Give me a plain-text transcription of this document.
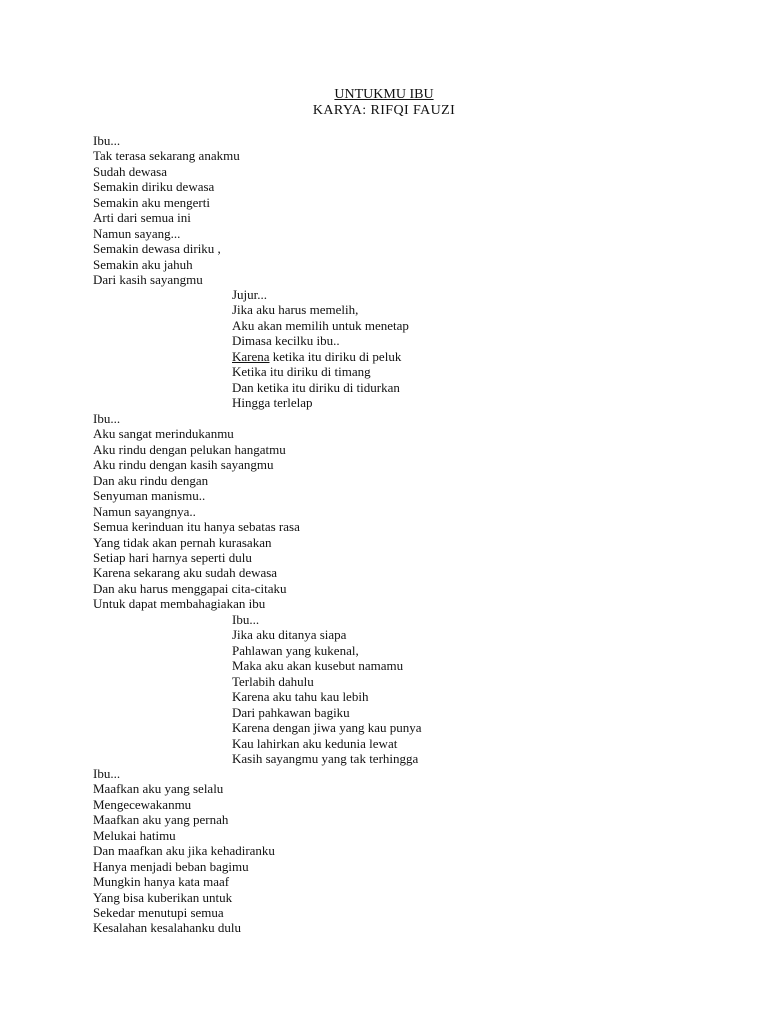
UNTUKMU IBU
KARYA: RIFQI FAUZI
Ibu...
Tak terasa sekarang anakmu
Sudah dewasa
Semakin diriku dewasa
Semakin aku mengerti
Arti dari semua ini
Namun sayang...
Semakin dewasa diriku ,
Semakin aku jahuh
Dari kasih sayangmu
Jujur...
Jika aku harus memelih,
Aku akan memilih untuk menetap
Dimasa kecilku ibu..
Karena ketika itu diriku di peluk
Ketika itu diriku di timang
Dan ketika itu diriku di tidurkan
Hingga terlelap
Ibu...
Aku sangat merindukanmu
Aku rindu dengan pelukan hangatmu
Aku rindu dengan kasih sayangmu
Dan aku rindu dengan
Senyuman manismu..
Namun sayangnya..
Semua kerinduan itu hanya sebatas rasa
Yang tidak akan pernah kurasakan
Setiap hari harnya seperti dulu
Karena sekarang aku sudah dewasa
Dan aku harus menggapai cita-citaku
Untuk dapat membahagiakan ibu
Ibu...
Jika aku ditanya siapa
Pahlawan yang kukenal,
Maka aku akan kusebut namamu
Terlabih dahulu
Karena aku tahu kau lebih
Dari pahkawan bagiku
Karena dengan jiwa yang kau punya
Kau lahirkan aku kedunia lewat
Kasih sayangmu yang tak terhingga
Ibu...
Maafkan aku yang selalu
Mengecewakanmu
Maafkan aku yang pernah
Melukai hatimu
Dan maafkan aku jika kehadiranku
Hanya menjadi beban bagimu
Mungkin hanya kata maaf
Yang bisa kuberikan untuk
Sekedar menutupi semua
Kesalahan kesalahanku dulu
